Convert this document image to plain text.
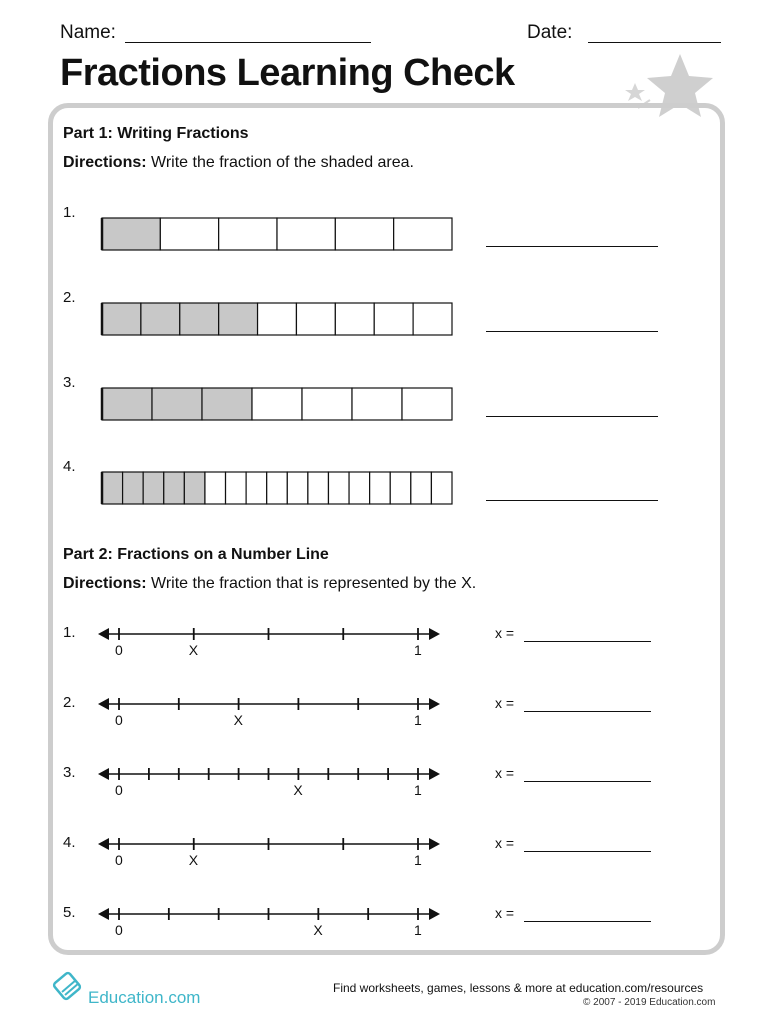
Name:	Date:
Fractions Learning Check
Part 1: Writing Fractions
Directions: Write the fraction of the shaded area.
1.
2.
3.
4.
Part 2: Fractions on a Number Line
Directions: Write the fraction that is represented by the X.
1.
0	1
X
x =
2.
0	1
X
x =
3.
0	1
X
x =
4.
0	1
X
x =
5.
0	1
X
x =
Education.com	Find worksheets, games, lessons & more at education.com/resources
© 2007 - 2019 Education.com
